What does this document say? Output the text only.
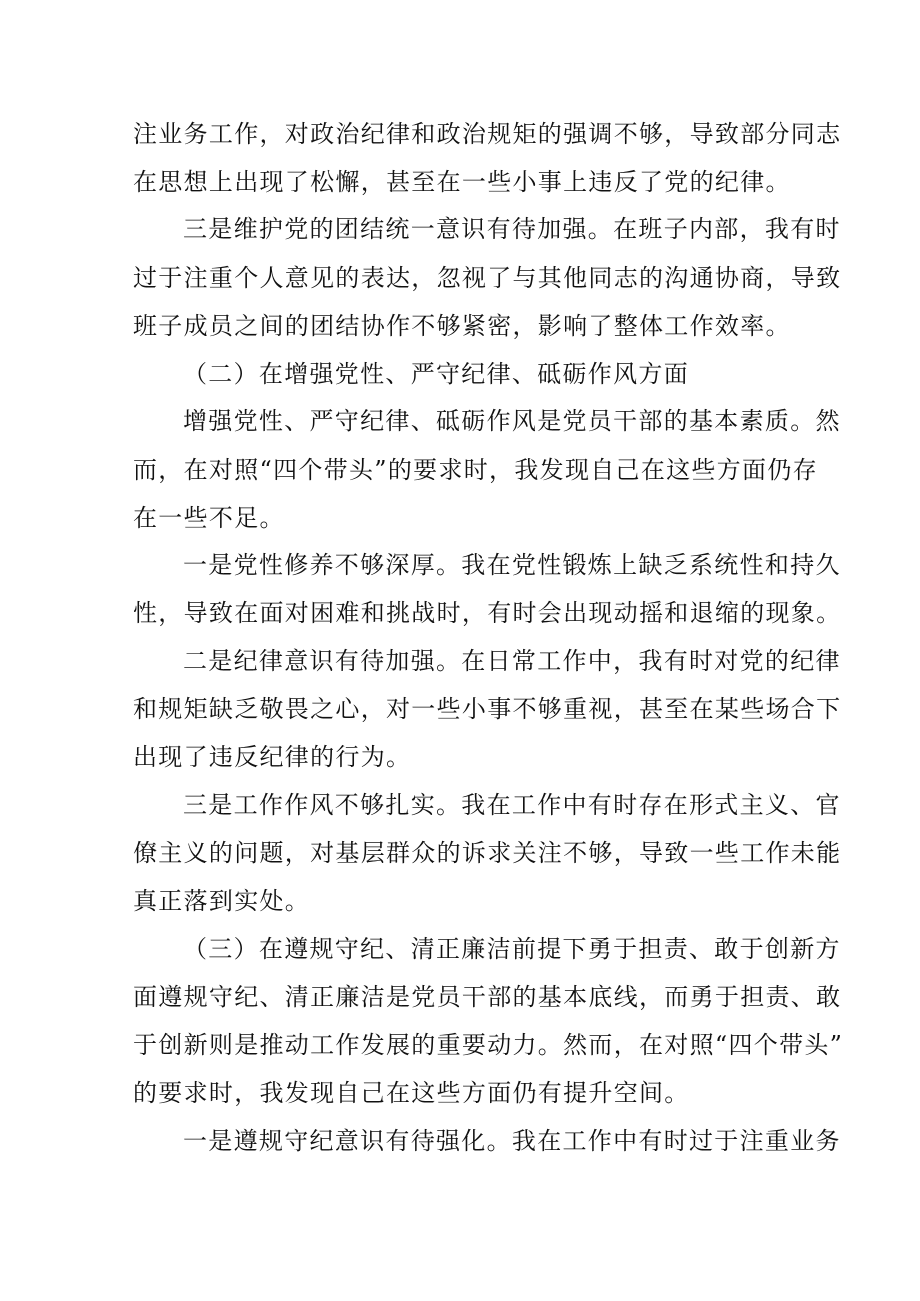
注业务工作，对政治纪律和政治规矩的强调不够，导致部分同志
在思想上出现了松懈，甚至在一些小事上违反了党的纪律。
三是维护党的团结统一意识有待加强。在班子内部，我有时
过于注重个人意见的表达，忽视了与其他同志的沟通协商，导致
班子成员之间的团结协作不够紧密，影响了整体工作效率。
（二）在增强党性、严守纪律、砥砺作风方面
增强党性、严守纪律、砥砺作风是党员干部的基本素质。然
而，在对照“四个带头”的要求时，我发现自己在这些方面仍存
在一些不足。
一是党性修养不够深厚。我在党性锻炼上缺乏系统性和持久
性，导致在面对困难和挑战时，有时会出现动摇和退缩的现象。
二是纪律意识有待加强。在日常工作中，我有时对党的纪律
和规矩缺乏敬畏之心，对一些小事不够重视，甚至在某些场合下
出现了违反纪律的行为。
三是工作作风不够扎实。我在工作中有时存在形式主义、官
僚主义的问题，对基层群众的诉求关注不够，导致一些工作未能
真正落到实处。
（三）在遵规守纪、清正廉洁前提下勇于担责、敢于创新方
面遵规守纪、清正廉洁是党员干部的基本底线，而勇于担责、敢
于创新则是推动工作发展的重要动力。然而，在对照“四个带头”
的要求时，我发现自己在这些方面仍有提升空间。
一是遵规守纪意识有待强化。我在工作中有时过于注重业务
